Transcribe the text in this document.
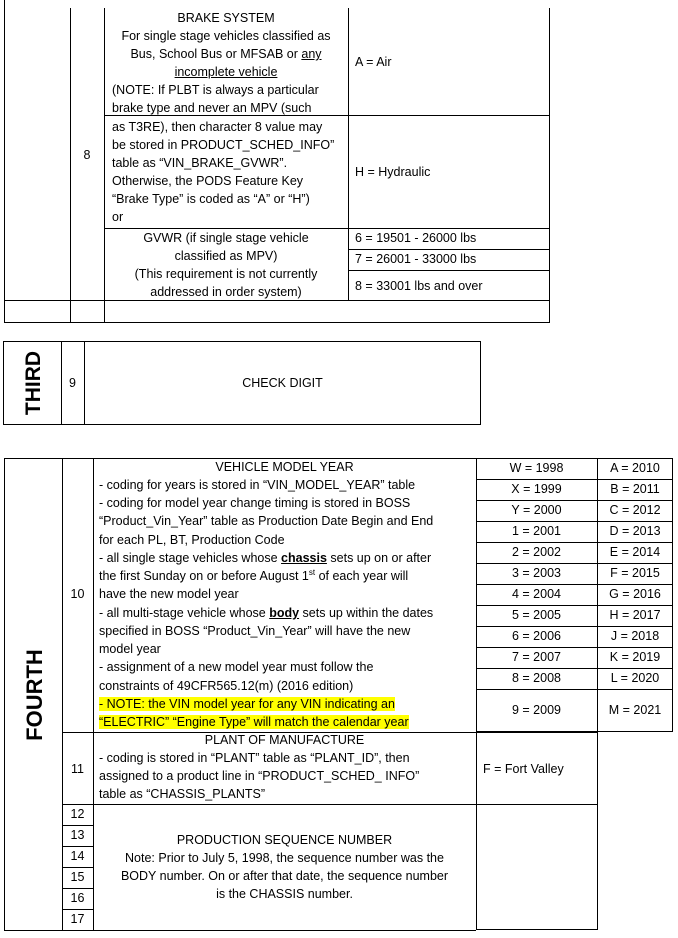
8
BRAKE SYSTEM
For single stage vehicles classified as
Bus, School Bus or MFSAB or any
incomplete vehicle
(NOTE: If PLBT is always a particular
brake type and never an MPV (such
as T3RE), then character 8 value may
be stored in PRODUCT_SCHED_INFO”
table as “VIN_BRAKE_GVWR”.
Otherwise, the PODS Feature Key
“Brake Type” is coded as “A” or “H”)
or
A = Air
H = Hydraulic
GVWR (if single stage vehicle
classified as MPV)
(This requirement is not currently
addressed in order system)
6 = 19501 - 26000 lbs
7 = 26001 - 33000 lbs
8 = 33001 lbs and over
THIRD	9	CHECK DIGIT
FOURTH
10
VEHICLE MODEL YEAR
- coding for years is stored in “VIN_MODEL_YEAR” table
- coding for model year change timing is stored in BOSS
“Product_Vin_Year” table as Production Date Begin and End
for each PL, BT, Production Code
- all single stage vehicles whose chassis sets up on or after
the first Sunday on or before August 1st of each year will
have the new model year
- all multi-stage vehicle whose body sets up within the dates
specified in BOSS “Product_Vin_Year” will have the new
model year
- assignment of a new model year must follow the
constraints of 49CFR565.12(m) (2016 edition)
- NOTE: the VIN model year for any VIN indicating an
“ELECTRIC” “Engine Type” will match the calendar year
W = 1998
X = 1999
Y = 2000
1 = 2001
2 = 2002
3 = 2003
4 = 2004
5 = 2005
6 = 2006
7 = 2007
8 = 2008
9 = 2009
A = 2010
B = 2011
C = 2012
D = 2013
E = 2014
F = 2015
G = 2016
H = 2017
J = 2018
K = 2019
L = 2020
M = 2021
11
PLANT OF MANUFACTURE
- coding is stored in “PLANT” table as “PLANT_ID”, then
assigned to a product line in “PRODUCT_SCHED_ INFO”
table as “CHASSIS_PLANTS”
F = Fort Valley
12
13
14
15
16
17
PRODUCTION SEQUENCE NUMBER
Note: Prior to July 5, 1998, the sequence number was the
BODY number. On or after that date, the sequence number
is the CHASSIS number.
